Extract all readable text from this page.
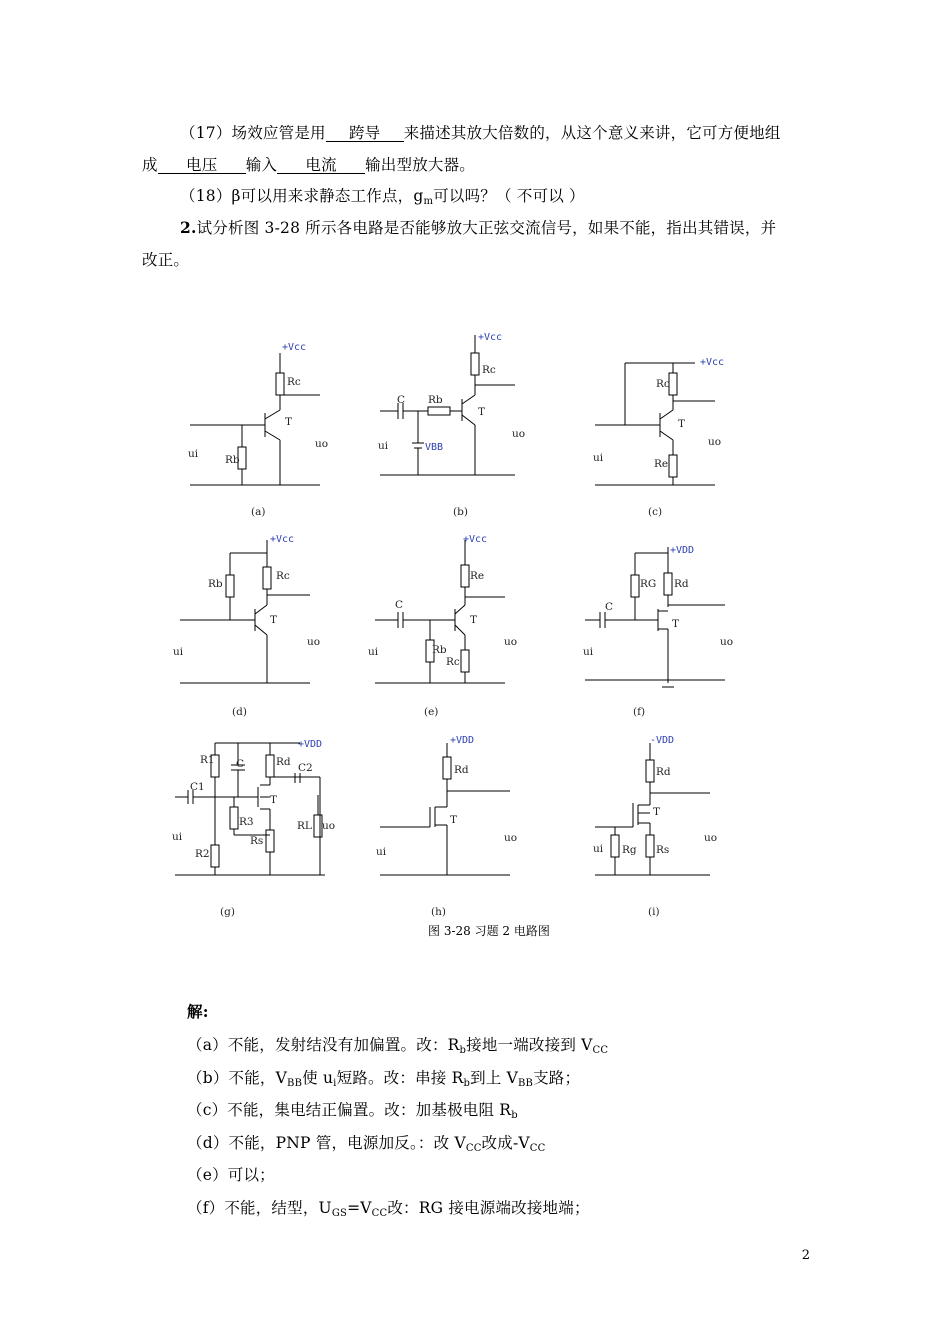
（17）场效应管是用 跨导 来描述其放大倍数的，从这个意义来讲，它可方便地组
成 电压 输入 电流 输出型放大器。
（18）β可以用来求静态工作点，$g_m$可以吗？（ 不可以 ）
2.试分析图 3-28 所示各电路是否能够放大正弦交流信号，如果不能，指出其错误，并
改正。
+Vcc
Rc
T
Rb
ui
uo
(a)
+Vcc
Rc
C Rb
T
VBB
ui
uo
(b)
+Vcc
Rc
T
Re
ui
uo
(c)
+Vcc
Rb
Rc
T
ui
uo
(d)
+Vcc
Re
C
T
Rb
Rc
ui
uo
(e)
+VDD
RG Rd
C
T
ui
uo
(f)
+VDD
R1 C	Rd C2
C1
T
R3	RL uo
Rs
ui
R2
(g)
+VDD
Rd
T
ui
uo
(h)
-VDD
Rd
T
Rg Rs
ui
uo
(i)
图 3-28 习题 2 电路图
解:
（a）不能，发射结没有加偏置。改：$R_b$接地一端改接到 $V_{CC}$
（b）不能，$V_{BB}$使 $u_i$短路。改：串接 $R_b$到上 $V_{BB}$支路；
（c）不能，集电结正偏置。改：加基极电阻 $R_b$
（d）不能，PNP 管，电源加反。：改 $V_{CC}$改成$-V_{CC}$
（e）可以；
（f）不能，结型，$U_{GS}=V_{CC}$改：RG 接电源端改接地端；
2
